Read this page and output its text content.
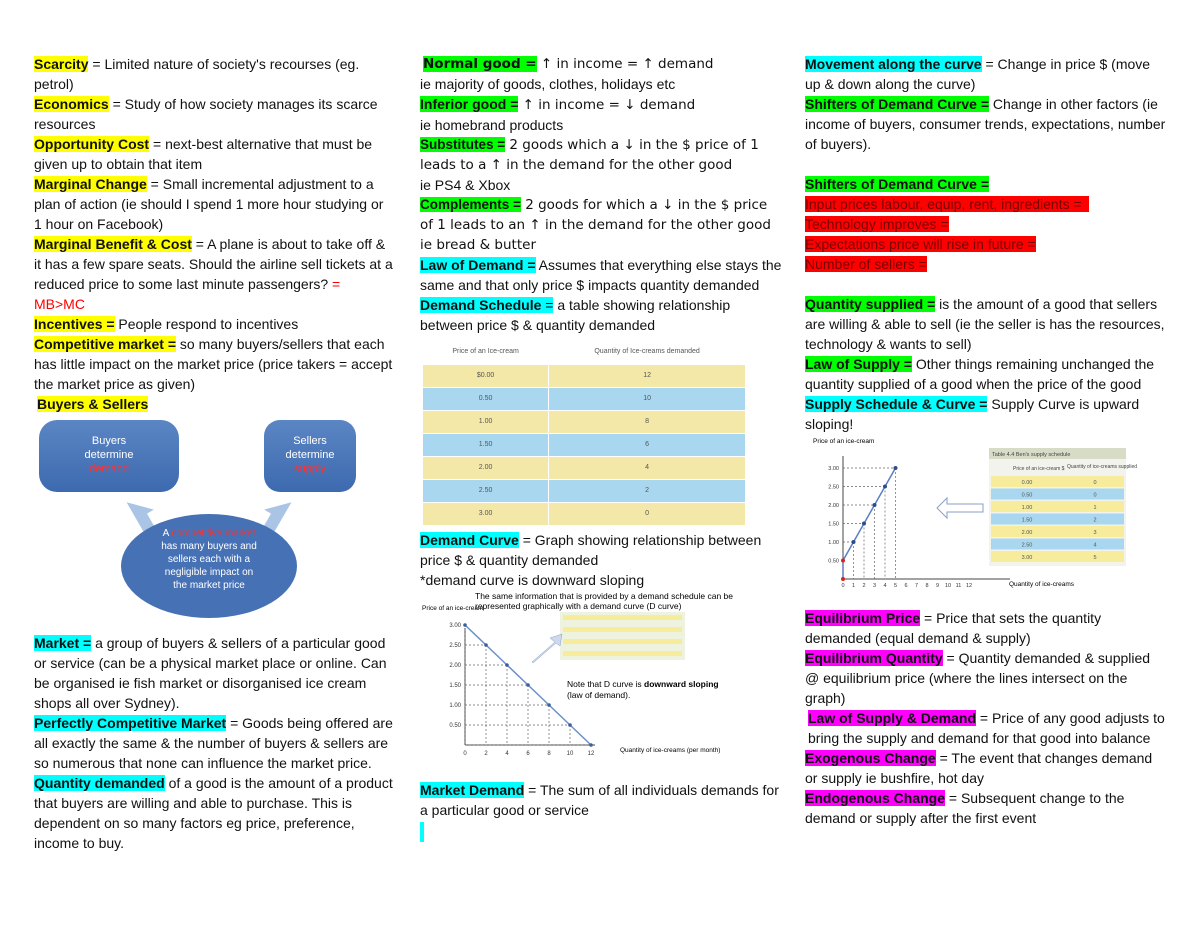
Scarcity = Limited nature of society's recourses (eg. petrol)

Economics = Study of how society manages its scarce resources

Opportunity Cost = next-best alternative that must be given up to obtain that item

Marginal Change = Small incremental adjustment to a plan of action (ie should I spend 1 more hour studying or 1 hour on Facebook)

Marginal Benefit & Cost = A plane is about to take off & it has a few spare seats. Should the airline sell tickets at a reduced price to some last minute passengers? = MB>MC

Incentives = People respond to incentives

Competitive market = so many buyers/sellers that each has little impact on the market price (price takers = accept the market price as given)

Buyers & Sellers

Buyers
determine
demand
Sellers
determine
supply
A competitive market
has many buyers and
sellers each with a
negligible impact on
the market price

Market = a group of buyers & sellers of a particular good or service (can be a physical market place or online. Can be organised ie fish market or disorganised ice cream shops all over Sydney).

Perfectly Competitive Market = Goods being offered are all exactly the same & the number of buyers & sellers are so numerous that none can influence the market price.

Quantity demanded of a good is the amount of a product that buyers are willing and able to purchase. This is dependent on so many factors eg price, preference, income to buy.

Normal good = ↑ in income = ↑ demand

ie majority of goods, clothes, holidays etc

Inferior good = ↑ in income = ↓ demand

ie homebrand products

Substitutes = 2 goods which a ↓ in the $ price of 1 leads to a ↑ in the demand for the other good

ie PS4 & Xbox

Complements = 2 goods for which a ↓ in the $ price of 1 leads to an ↑ in the demand for the other good ie bread & butter

Law of Demand = Assumes that everything else stays the same and that only price $ impacts quantity demanded

Demand Schedule = a table showing relationship between price $ & quantity demanded

Price of an Ice-cream	Quantity of Ice-creams demanded
$0.00	12
0.50	10
1.00	8
1.50	6
2.00	4
2.50	2
3.00	0

Demand Curve = Graph showing relationship between price $ & quantity demanded

*demand curve is downward sloping

The same information that is provided by a demand schedule can be
represented graphically with a demand curve (D curve)
Price of an ice-cream
3.00
2.50
2.00
1.50
1.00
0.50
0	2	4	6	8	10 12	Quantity of ice-creams (per month)
Note that D curve is downward sloping
(law of demand).

Market Demand = The sum of all individuals demands for a particular good or service

Movement along the curve = Change in price $ (move up & down along the curve)

Shifters of Demand Curve = Change in other factors (ie income of buyers, consumer trends, expectations, number of buyers).

Shifters of Demand Curve =

Input prices labour, equip, rent, ingredients =

Technology improves =

Expectations price will rise in future =

Number of sellers =

Quantity supplied = is the amount of a good that sellers are willing & able to sell (ie the seller is has the resources, technology & wants to sell)

Law of Supply = Other things remaining unchanged the quantity supplied of a good when the price of the good

Supply Schedule & Curve = Supply Curve is upward sloping!

Price of an ice-cream
3.00
2.50
2.00
1.50
1.00
0.50
0 1 2 3 4 5 6 7 8 9 10 11 12	Quantity of ice-creams
Table 4.4 Ben's supply schedule
Price of an ice-cream $ Quantity of ice-creams supplied
0.00	0
0.50	0
1.00	1
1.50	2
2.00	3
2.50	4
3.00	5

Equilibrium Price = Price that sets the quantity demanded (equal demand & supply)

Equilibrium Quantity = Quantity demanded & supplied @ equilibrium price (where the lines intersect on the graph)

Law of Supply & Demand = Price of any good adjusts to bring the supply and demand for that good into balance

Exogenous Change = The event that changes demand or supply ie bushfire, hot day

Endogenous Change = Subsequent change to the demand or supply after the first event
